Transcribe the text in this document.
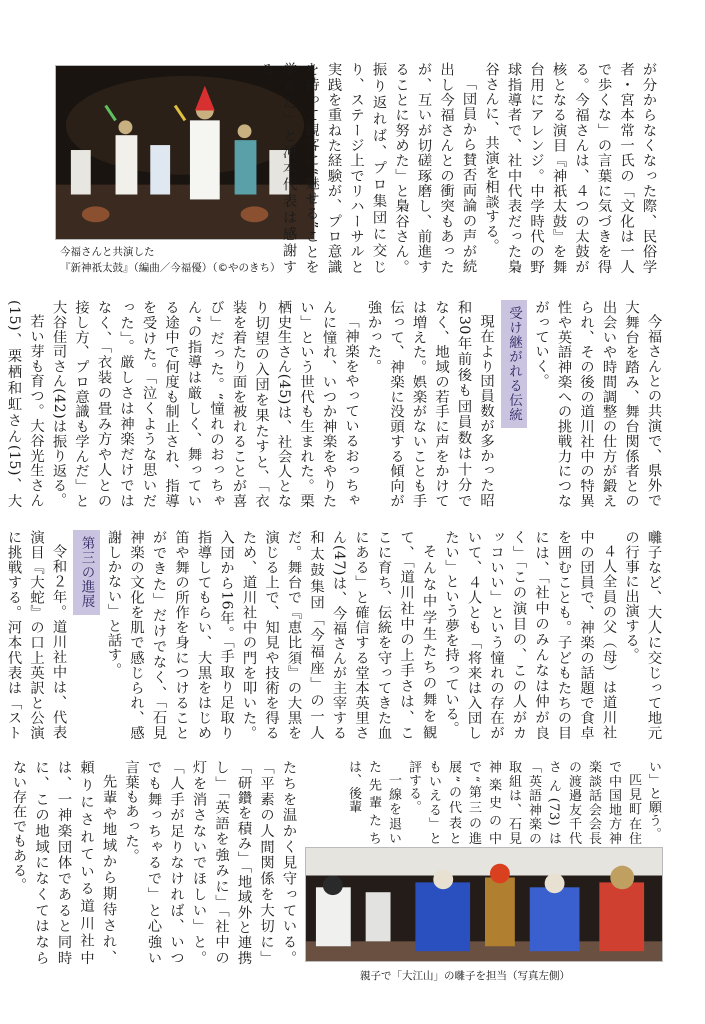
今福さんと共演した
『新神祇太鼓』（編曲／今福優）（©やのきち）	が分からなくなった際、民俗学者・宮本常一氏の「文化は一人で歩くな」の言葉に気づきを得る。今福さんは、４つの太鼓が核となる演目『神祇太鼓』を舞台用にアレンジ。中学時代の野球指導者で、社中代表だった梟谷さんに、共演を相談する。

「団員から賛否両論の声が続出し今福さんとの衝突もあったが、互いが切磋琢磨し、前進することに努めた」と梟谷さん。振り返れば、プロ集団に交じり、ステージ上でリハーサルと実践を重ねた経験が、プロ意識を持って観客に“魅せる”ことを学んだ」と河本代表は感謝する。

今福さんとの共演で、県外で大舞台を踏み、舞台関係者との出会いや時間調整の仕方が鍛えられ、その後の道川社中の特異性や英語神楽への挑戦力につながっていく。

受け継がれる伝統

現在より団員数が多かった昭和30年前後も団員数は十分でなく、地域の若手に声をかけては増えた。娯楽がないことも手伝って、神楽に没頭する傾向が強かった。

「神楽をやっているおっちゃんに憧れ、いつか神楽をやりたい」という世代も生まれた。栗栖史生さん(45)は、社会人となり切望の入団を果たすと、「衣装を着たり面を被れることが喜び」だった。“憧れのおっちゃん”の指導は厳しく、舞っている途中で何度も制止され、指導を受けた。「泣くような思いだった」。厳しさは神楽だけではなく、「衣装の畳み方や人との接し方、プロ意識も学んだ」と大谷佳司さん(42)は振り返る。

若い芽も育つ。大谷光生さん(15)、栗栖和虹さん(15)、大

囃子など、大人に交じって地元の行事に出演する。

４人全員の父（母）は道川社中の団員で、神楽の話題で食卓を囲むことも。子どもたちの目には、「社中のみんなは仲が良く」「この演目の、この人がカッコいい」という憧れの存在がいて、４人とも「将来は入団したい」という夢を持っている。

そんな中学生たちの舞を観て、「道川社中の上手さは、ここに育ち、伝統を守ってきた血にある」と確信する堂本英里さん(47)は、今福さんが主宰する和太鼓集団「今福座」の一人だ。舞台で『恵比須』の大黒を演じる上で、知見や技術を得るため、道川社中の門を叩いた。入団から16年。「手取り足取り指導してもらい、大黒をはじめ笛や舞の所作を身につけることができた」だけでなく、「石見神楽の文化を肌で感じられ、感謝しかない」と話す。

第三の進展

令和２年。道川社中は、代表演目『大蛇』の口上英訳と公演に挑戦する。河本代表は「スト

い」と願う。

匹見町在住で中国地方神楽談話会会長の渡邉友千代さん(73)は「英語神楽の取組は、石見神楽史の中で“第三の進展”の代表ともいえる」と評する。

一線を退いた先輩たちは、後輩

たちを温かく見守っている。「平素の人間関係を大切に」「研鑽を積み」「地域外と連携し」「英語を強みに」「社中の灯を消さないでほしい」と。「人手が足りなければ、いつでも舞っちゃるで」と心強い言葉もあった。

先輩や地域から期待され、頼りにされている道川社中は、一神楽団体であると同時に、この地域になくてはならない存在でもある。

親子で「大江山」の囃子を担当（写真左側）
